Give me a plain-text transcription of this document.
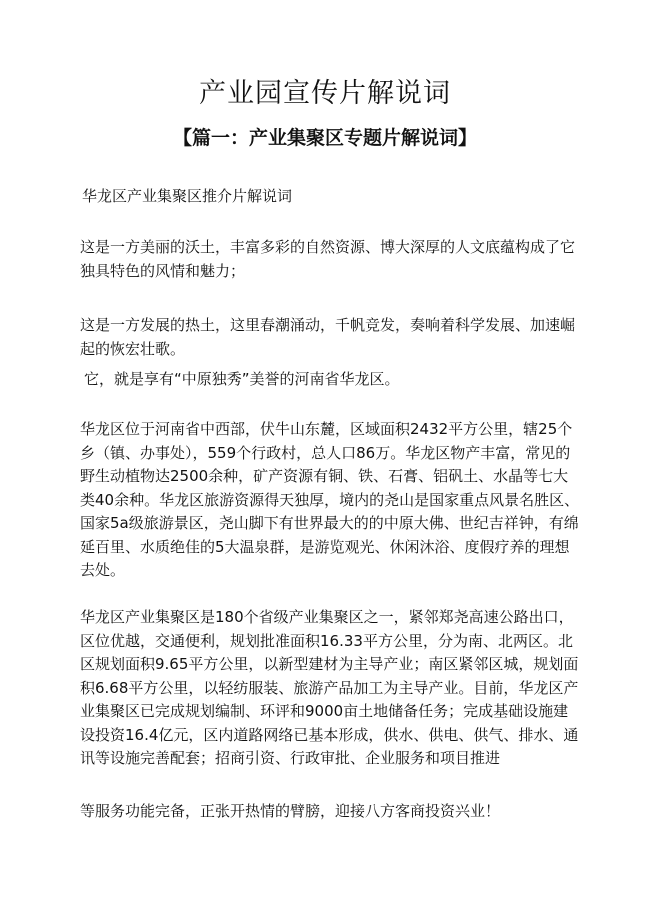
产业园宣传片解说词
【篇一：产业集聚区专题片解说词】

华龙区产业集聚区推介片解说词

这是一方美丽的沃土，丰富多彩的自然资源、博大深厚的人文底蕴构成了它独具特色的风情和魅力；

这是一方发展的热土，这里春潮涌动，千帆竞发，奏响着科学发展、加速崛起的恢宏壮歌。

它，就是享有“中原独秀”美誉的河南省华龙区。

华龙区位于河南省中西部，伏牛山东麓，区域面积2432平方公里，辖25个乡（镇、办事处），559个行政村，总人口86万。华龙区物产丰富，常见的野生动植物达2500余种，矿产资源有铜、铁、石膏、铝矾土、水晶等七大类40余种。华龙区旅游资源得天独厚，境内的尧山是国家重点风景名胜区、国家5a级旅游景区，尧山脚下有世界最大的的中原大佛、世纪吉祥钟，有绵延百里、水质绝佳的5大温泉群，是游览观光、休闲沐浴、度假疗养的理想去处。

华龙区产业集聚区是180个省级产业集聚区之一，紧邻郑尧高速公路出口，区位优越，交通便利，规划批准面积16.33平方公里，分为南、北两区。北区规划面积9.65平方公里，以新型建材为主导产业；南区紧邻区城，规划面积6.68平方公里，以轻纺服装、旅游产品加工为主导产业。目前，华龙区产业集聚区已完成规划编制、环评和9000亩土地储备任务；完成基础设施建设投资16.4亿元，区内道路网络已基本形成，供水、供电、供气、排水、通讯等设施完善配套；招商引资、行政审批、企业服务和项目推进

等服务功能完备，正张开热情的臂膀，迎接八方客商投资兴业！
